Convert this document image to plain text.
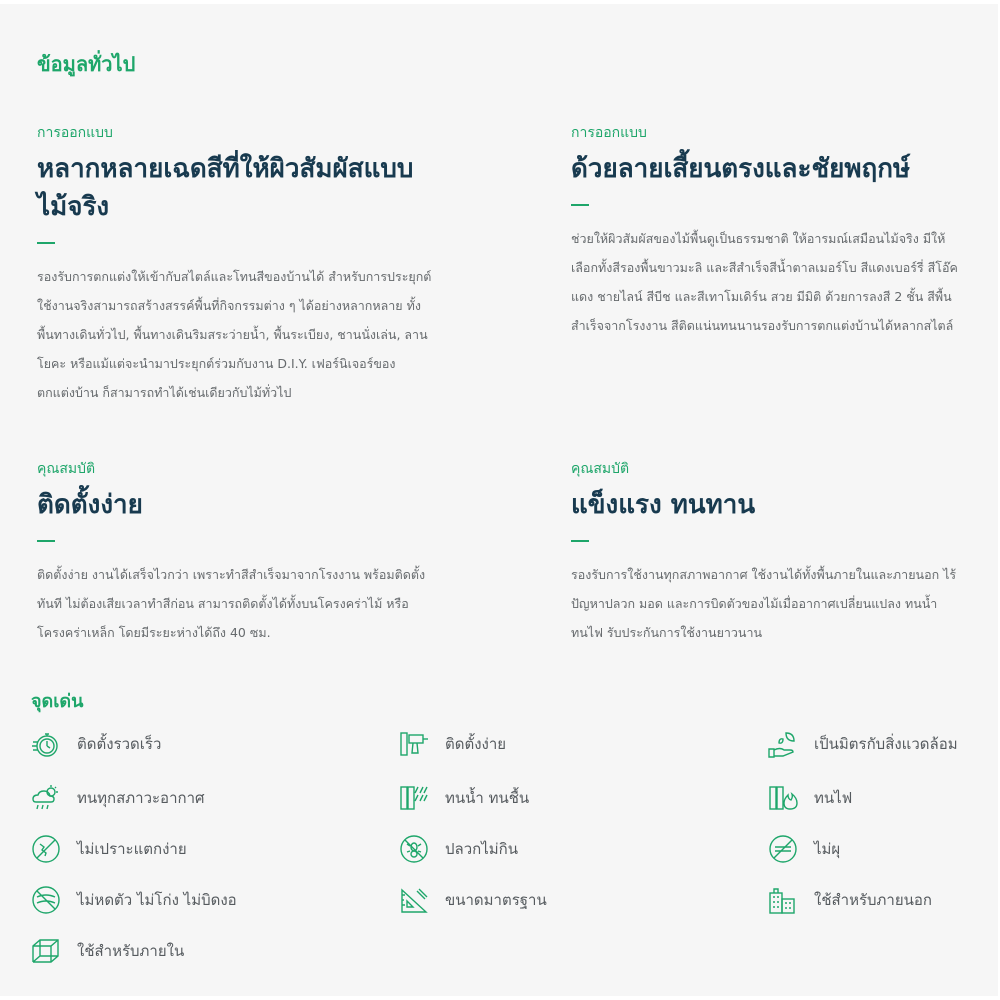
ข้อมูลทั่วไป

การออกแบบ

หลากหลายเฉดสีที่ให้ผิวสัมผัสแบบ
ไม้จริง
รองรับการตกแต่งให้เข้ากับสไตล์และโทนสีของบ้านได้ สำหรับการประยุกต์
ใช้งานจริงสามารถสร้างสรรค์พื้นที่กิจกรรมต่าง ๆ ได้อย่างหลากหลาย ทั้ง
พื้นทางเดินทั่วไป, พื้นทางเดินริมสระว่ายน้ำ, พื้นระเบียง, ชานนั่งเล่น, ลาน
โยคะ หรือแม้แต่จะนำมาประยุกต์ร่วมกับงาน D.I.Y. เฟอร์นิเจอร์ของ
ตกแต่งบ้าน ก็สามารถทำได้เช่นเดียวกับไม้ทั่วไป

การออกแบบ

ด้วยลายเสี้ยนตรงและชัยพฤกษ์
ช่วยให้ผิวสัมผัสของไม้พื้นดูเป็นธรรมชาติ ให้อารมณ์เสมือนไม้จริง มีให้
เลือกทั้งสีรองพื้นขาวมะลิ และสีสำเร็จสีน้ำตาลเมอร์โบ สีแดงเบอร์รี่ สีโอ๊ค
แดง ชายไลน์ สีบีช และสีเทาโมเดิร์น สวย มีมิติ ด้วยการลงสี 2 ชั้น สีพื้น
สำเร็จจากโรงงาน สีติดแน่นทนนานรองรับการตกแต่งบ้านได้หลากสไตล์

คุณสมบัติ

ติดตั้งง่าย
ติดตั้งง่าย งานได้เสร็จไวกว่า เพราะทำสีสำเร็จมาจากโรงงาน พร้อมติดตั้ง
ทันที ไม่ต้องเสียเวลาทำสีก่อน สามารถติดตั้งได้ทั้งบนโครงคร่าไม้ หรือ
โครงคร่าเหล็ก โดยมีระยะห่างได้ถึง 40 ซม.

คุณสมบัติ

แข็งแรง ทนทาน
รองรับการใช้งานทุกสภาพอากาศ ใช้งานได้ทั้งพื้นภายในและภายนอก ไร้
ปัญหาปลวก มอด และการบิดตัวของไม้เมื่ออากาศเปลี่ยนแปลง ทนน้ำ
ทนไฟ รับประกันการใช้งานยาวนาน
จุดเด่น
ติดตั้งรวดเร็ว	ติดตั้งง่าย	เป็นมิตรกับสิ่งแวดล้อม
ทนทุกสภาวะอากาศ	ทนน้ำ ทนชื้น	ทนไฟ
ไม่เปราะแตกง่าย	ปลวกไม่กิน	ไม่ผุ
ไม่หดตัว ไม่โก่ง ไม่บิดงอ	ขนาดมาตรฐาน	ใช้สำหรับภายนอก
ใช้สำหรับภายใน
